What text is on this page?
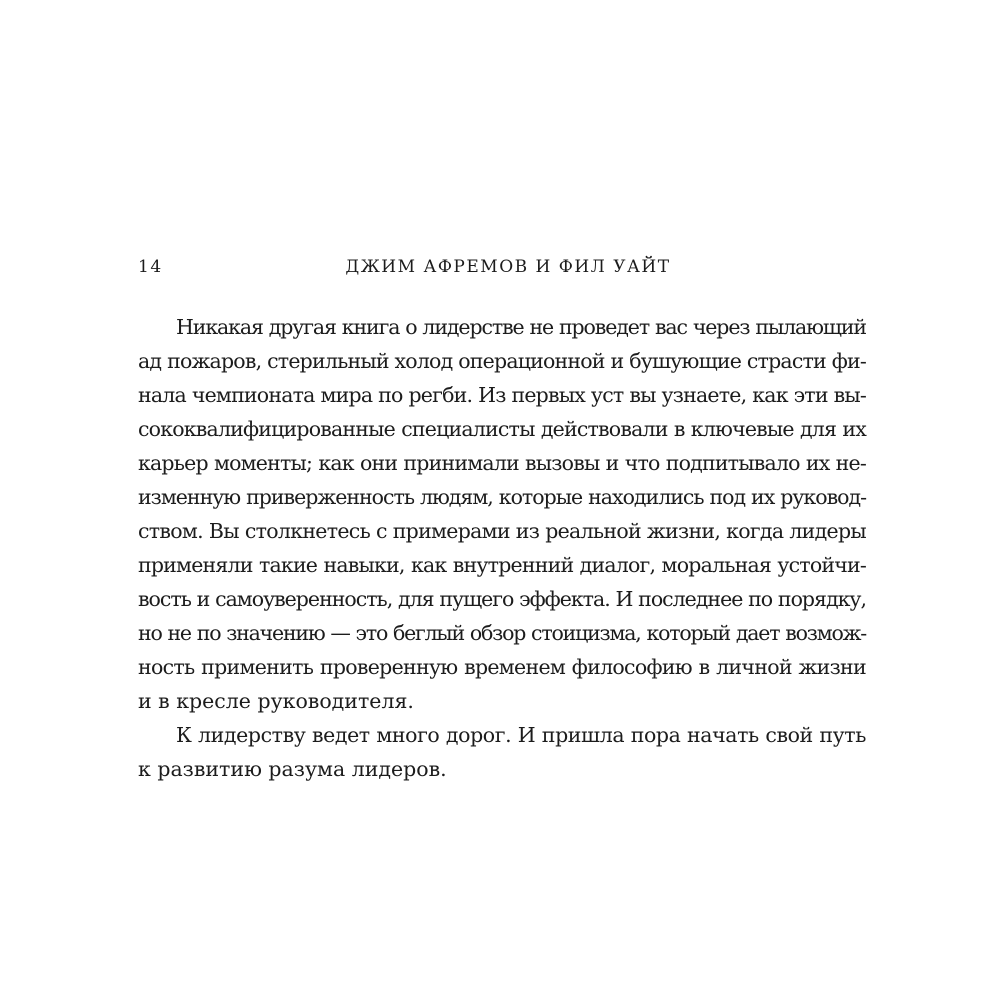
14	ДЖИМ АФРЕМОВ И ФИЛ УАЙТ
Никакая другая книга о лидерстве не проведет вас через пылающий
ад пожаров, стерильный холод операционной и бушующие страсти фи-
нала чемпионата мира по регби. Из первых уст вы узнаете, как эти вы-
сококвалифицированные специалисты действовали в ключевые для их
карьер моменты; как они принимали вызовы и что подпитывало их не-
изменную приверженность людям, которые находились под их руковод-
ством. Вы столкнетесь с примерами из реальной жизни, когда лидеры
применяли такие навыки, как внутренний диалог, моральная устойчи-
вость и самоуверенность, для пущего эффекта. И последнее по порядку,
но не по значению — это беглый обзор стоицизма, который дает возмож-
ность применить проверенную временем философию в личной жизни
и в кресле руководителя.
К лидерству ведет много дорог. И пришла пора начать свой путь
к развитию разума лидеров.
